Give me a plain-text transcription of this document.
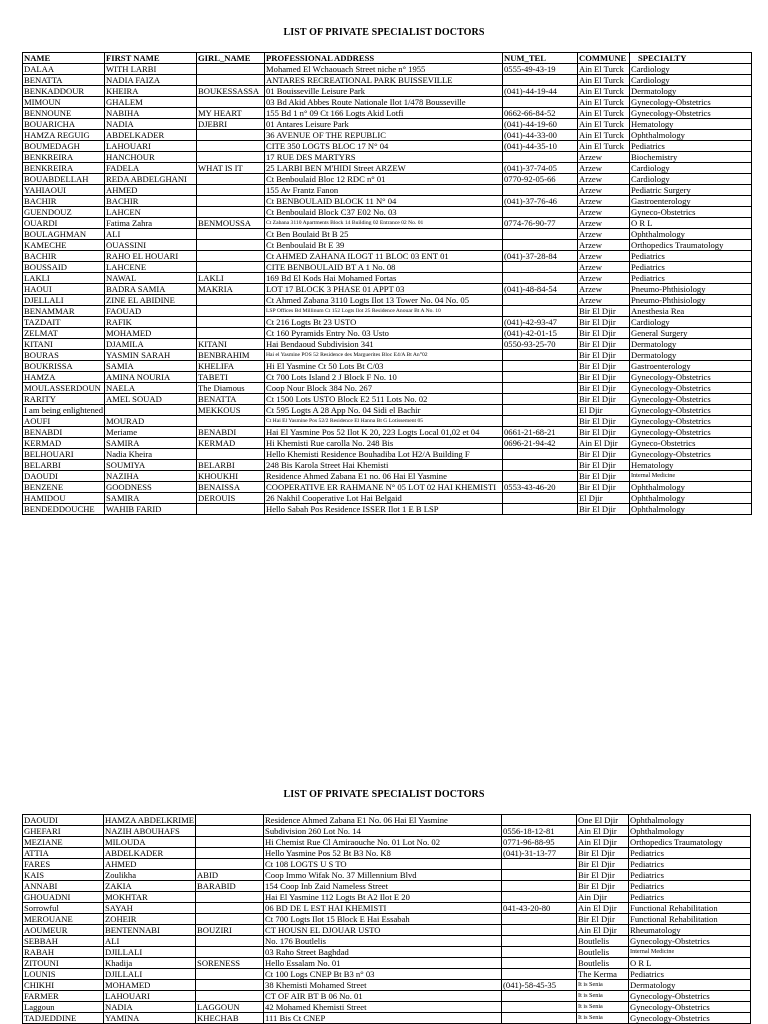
LIST OF PRIVATE SPECIALIST DOCTORS
NAME	FIRST NAME	GIRL_NAME	PROFESSIONAL ADDRESS	NUM_TEL	COMMUNE	SPECIALTY
DALAA	WITH LARBI		Mohamed El Wchaouach Street niche n° 1955	0555-49-43-19	Ain El Turck	Cardiology
BENATTA	NADIA FAIZA		ANTARES RECREATIONAL PARK BUISSEVILLE		Ain El Turck	Cardiology
BENKADDOUR	KHEIRA	BOUKESSASSA	01 Bouisseville Leisure Park	(041)-44-19-44	Ain El Turck	Dermatology
MIMOUN	GHALEM		03 Bd Akid Abbes Route Nationale Ilot 1/478 Bousseville		Ain El Turck	Gynecology-Obstetrics
BENNOUNE	NABIHA	MY HEART	155 Bd 1 n° 09 Ct 166 Logts Akid Lotfi	0662-66-84-52	Ain El Turck	Gynecology-Obstetrics
BOUARICHA	NADIA	DJEBRI	01 Antares Leisure Park	(041)-44-19-60	Ain El Turck	Hematology
HAMZA REGUIG	ABDELKADER		36 AVENUE OF THE REPUBLIC	(041)-44-33-00	Ain El Turck	Ophthalmology
BOUMEDAGH	LAHOUARI		CITE 350 LOGTS BLOC 17 N° 04	(041)-44-35-10	Ain El Turck	Pediatrics
BENKREIRA	HANCHOUR		17 RUE DES MARTYRS		Arzew	Biochemistry
BENKREIRA	FADELA	WHAT IS IT	25 LARBI BEN M'HIDI Street ARZEW	(041)-37-74-05	Arzew	Cardiology
BOUABDELLAH	REDA ABDELGHANI		Ct Benboulaid Bloc 12 RDC n° 01	0770-92-05-66	Arzew	Cardiology
YAHIAOUI	AHMED		155 Av Frantz Fanon		Arzew	Pediatric Surgery
BACHIR	BACHIR		Ct BENBOULAID BLOCK 11 N° 04	(041)-37-76-46	Arzew	Gastroenterology
GUENDOUZ	LAHCEN		Ct Benboulaid Block C37 E02 No. 03		Arzew	Gyneco-Obstetrics
OUARDI	Fatima Zahra	BENMOUSSA	Ct Zabana 3110 Apartments Block 14 Building 02 Entrance 02 No. 01	0774-76-90-77	Arzew	O R L
BOULAGHMAN	ALI		Ct Ben Boulaid Bt B 25		Arzew	Ophthalmology
KAMECHE	OUASSINI		Ct Benboulaid Bt E 39		Arzew	Orthopedics Traumatology
BACHIR	RAHO EL HOUARI		Ct AHMED ZAHANA ILOGT 11 BLOC 03 ENT 01	(041)-37-28-84	Arzew	Pediatrics
BOUSSAID	LAHCENE		CITE BENBOULAID BT A 1 No. 08		Arzew	Pediatrics
LAKLI	NAWAL	LAKLI	169 Bd El Kods Hai Mohamed Fortas		Arzew	Pediatrics
HAOUI	BADRA SAMIA	MAKRIA	LOT 17 BLOCK 3 PHASE 01 APPT 03	(041)-48-84-54	Arzew	Pneumo-Phthisiology
DJELLALI	ZINE EL ABIDINE		Ct Ahmed Zabana 3110 Logts Ilot 13 Tower No. 04 No. 05		Arzew	Pneumo-Phthisiology
BENAMMAR	FAOUAD		LSP Offices Bd Millinum Ct 152 Logts Ilot 25 Residence Anouar Bt A No. 10		Bir El Djir	Anesthesia Rea
TAZDAIT	RAFIK		Ct 216 Logts Bt 23 USTO	(041)-42-93-47	Bir El Djir	Cardiology
ZELMAT	MOHAMED		Ct 160 Pyramids Entry No. 03 Usto	(041)-42-01-15	Bir El Djir	General Surgery
KITANI	DJAMILA	KITANI	Hai Bendaoud Subdivision 341	0550-93-25-70	Bir El Djir	Dermatology
BOURAS	YASMIN SARAH	BENBRAHIM	Hai el Yasmine POS 52 Residence des Marguerites Bloc E4/A Bt An°02		Bir El Djir	Dermatology
BOUKRISSA	SAMIA	KHELIFA	Hi El Yasmine Ct 50 Lots Bt C/03		Bir El Djir	Gastroenterology
HAMZA	AMINA NOURIA	TABETI	Ct 700 Lots Island 2 J Block F No. 10		Bir El Djir	Gynecology-Obstetrics
MOULASSERDOUN	NAELA	The Diamous	Coop Nour Block 384 No. 267		Bir El Djir	Gynecology-Obstetrics
RARITY	AMEL SOUAD	BENATTA	Ct 1500 Lots USTO Block E2 511 Lots No. 02		Bir El Djir	Gynecology-Obstetrics
I am being enlightened		MEKKOUS	Ct 595 Logts A 28 App No. 04 Sidi el Bachir		El Djir	Gynecology-Obstetrics
AOUFI	MOURAD		Ct Hai El Yasmine Pos 52/2 Residence El Hanna Bt G Lotissement 05		Bir El Djir	Gynecology-Obstetrics
BENABDI	Meriame	BENABDI	Hai El Yasmine Pos 52 Ilot K 20, 223 Logts Local 01,02 et 04	0661-21-68-21	Bir El Djir	Gynecology-Obstetrics
KERMAD	SAMIRA	KERMAD	Hi Khemisti Rue carolla No. 248 Bis	0696-21-94-42	Ain El Djir	Gyneco-Obstetrics
BELHOUARI	Nadia Kheira		Hello Khemisti Residence Bouhadiba Lot H2/A Building F		Bir El Djir	Gynecology-Obstetrics
BELARBI	SOUMIYA	BELARBI	248 Bis Karola Street Hai Khemisti		Bir El Djir	Hematology
DAOUDI	NAZIHA	KHOUKHI	Residence Ahmed Zabana E1 no. 06 Hai El Yasmine		Bir El Djir	Internal Medicine
BENZENE	GOODNESS	BENAISSA	COOPERATIVE ER RAHMANE N° 05 LOT 02 HAI KHEMISTI	0553-43-46-20	Bir El Djir	Ophthalmology
HAMIDOU	SAMIRA	DEROUIS	26 Nakhil Cooperative Lot Hai Belgaid		El Djir	Ophthalmology
BENDEDDOUCHE	WAHIB FARID		Hello Sabah Pos Residence ISSER Ilot 1 E B LSP		Bir El Djir	Ophthalmology
LIST OF PRIVATE SPECIALIST DOCTORS
DAOUDI	HAMZA ABDELKRIME		Residence Ahmed Zabana E1 No. 06 Hai El Yasmine		One El Djir	Ophthalmology
GHEFARI	NAZIH ABOUHAFS		Subdivision 260 Lot No. 14	0556-18-12-81	Ain El Djir	Ophthalmology
MEZIANE	MILOUDA		Hi Chemist Rue Cl Amiraouche No. 01 Lot No. 02	0771-96-88-95	Ain El Djir	Orthopedics Traumatology
ATTIA	ABDELKADER		Hello Yasmine Pos 52 Bt B3 No. K8	(041)-31-13-77	Bir El Djir	Pediatrics
FARES	AHMED		Ct 108 LOGTS U S TO		Bir El Djir	Pediatrics
KAIS	Zoulikha	ABID	Coop Immo Wifak No. 37 Millennium Blvd		Bir El Djir	Pediatrics
ANNABI	ZAKIA	BARABID	154 Coop Inb Zaid Nameless Street		Bir El Djir	Pediatrics
GHOUADNI	MOKHTAR		Hai El Yasmine 112 Logts Bt A2 Ilot E 20		Ain Djir	Pediatrics
Sorrowful	SAYAH		06 BD DE L EST HAI KHEMISTI	041-43-20-80	Ain El Djir	Functional Rehabilitation
MEROUANE	ZOHEIR		Ct 700 Logts Ilot 15 Block E Hai Essabah		Bir El Djir	Functional Rehabilitation
AOUMEUR	BENTENNABI	BOUZIRI	CT HOUSN EL DJOUAR USTO		Ain El Djir	Rheumatology
SEBBAH	ALI		No. 176 Boutlelis		Boutlelis	Gynecology-Obstetrics
RABAH	DJILLALI		03 Raho Street Baghdad		Boutlelis	Internal Medicine
ZITOUNI	Khadija	SORENESS	Hello Essalam No. 01		Boutlelis	O R L
LOUNIS	DJILLALI		Ct 100 Logs CNEP Bt B3 n° 03		The Kerma	Pediatrics
CHIKHI	MOHAMED		38 Khemisti Mohamed Street	(041)-58-45-35	It is Senia	Dermatology
FARMER	LAHOUARI		CT OF AIR BT B 06 No. 01		It is Senia	Gynecology-Obstetrics
Laggoun	NADIA	LAGGOUN	42 Mohamed Khemisti Street		It is Senia	Gynecology-Obstetrics
TADJEDDINE	YAMINA	KHECHAB	111 Bis Ct CNEP		It is Senia	Gynecology-Obstetrics
